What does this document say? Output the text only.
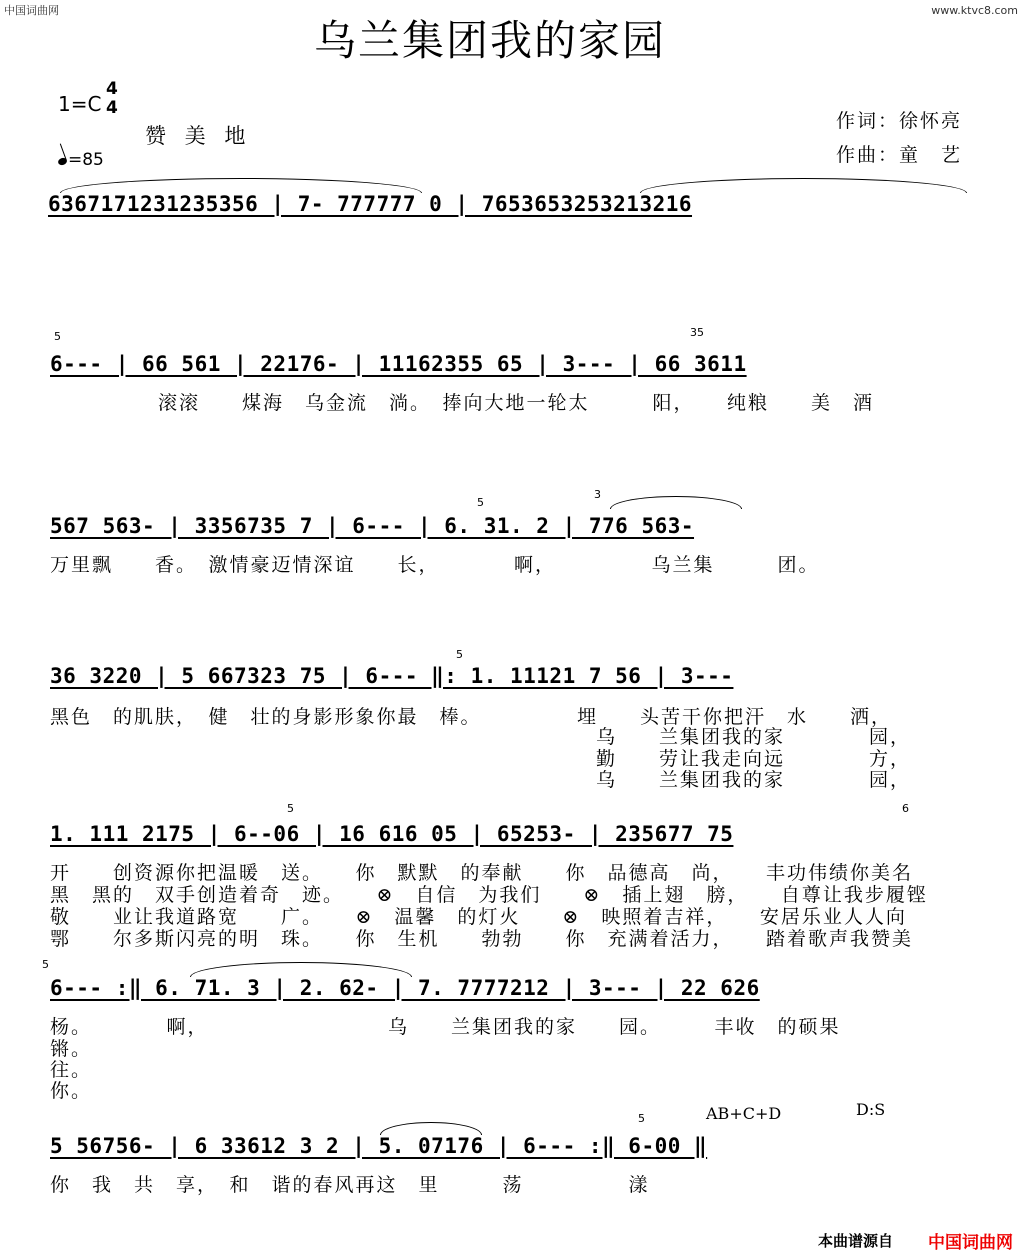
中国词曲网	www.ktvc8.com
乌兰集团我的家园
1=C
4
4
=85
赞 美 地
作词：徐怀亮
作曲：童　艺
6367171231235356 | 7- 777777 0 | 7653653253213216
5	35
6--- | 66 561 | 22176- | 11162355 65 | 3--- | 66 3611
滚滚　　煤海　乌金流　淌。　捧向大地一轮太　　　阳，　　纯粮　　美　酒
5
3
567 563- | 3356735 7 | 6--- | 6. 31. 2 | 776 563-
万里飘　　香。　激情豪迈情深谊　　长，　　　　啊，　　　　　乌兰集　　　团。
5
36 3220 | 5 667323 75 | 6--- ‖: 1. 11121 7 56 | 3---
黑色　的肌肤，　健　壮的身影形象你最　棒。　　　　　埋　　头苦干你把汗　水　　洒，
乌　　兰集团我的家　　　　园，
勤　　劳让我走向远　　　　方，
乌　　兰集团我的家　　　　园，
5	6
1. 111 2175 | 6--06 | 16 616 05 | 65253- | 235677 75
开　　创资源你把温暖　送。　　你　默默　的奉献　　你　品德高　尚，　　丰功伟绩你美名
黑　黑的　双手创造着奇　迹。　　⊗　自信　为我们　　⊗　插上翅　膀，　　自尊让我步履铿
敬　　业让我道路宽　　广。　　⊗　温馨　的灯火　　⊗　映照着吉祥，　　安居乐业人人向
鄂　　尔多斯闪亮的明　珠。　　你　生机　　勃勃　　你　充满着活力，　　踏着歌声我赞美
5
6--- :‖ 6. 71. 3 | 2. 62- | 7. 7777212 | 3--- | 22 626
杨。　　　　啊，　　　　　　　　　乌　　兰集团我的家　　园。　　　丰收　的硕果
锵。
往。
你。
AB+C+D	D:S
5
5 56756- | 6 33612 3 2 | 5. 07176 | 6--- :‖ 6-00 ‖
你　我　共　享，　和　谐的春风再这　里　　　荡　　　　　漾
本曲谱源自 中国词曲网
